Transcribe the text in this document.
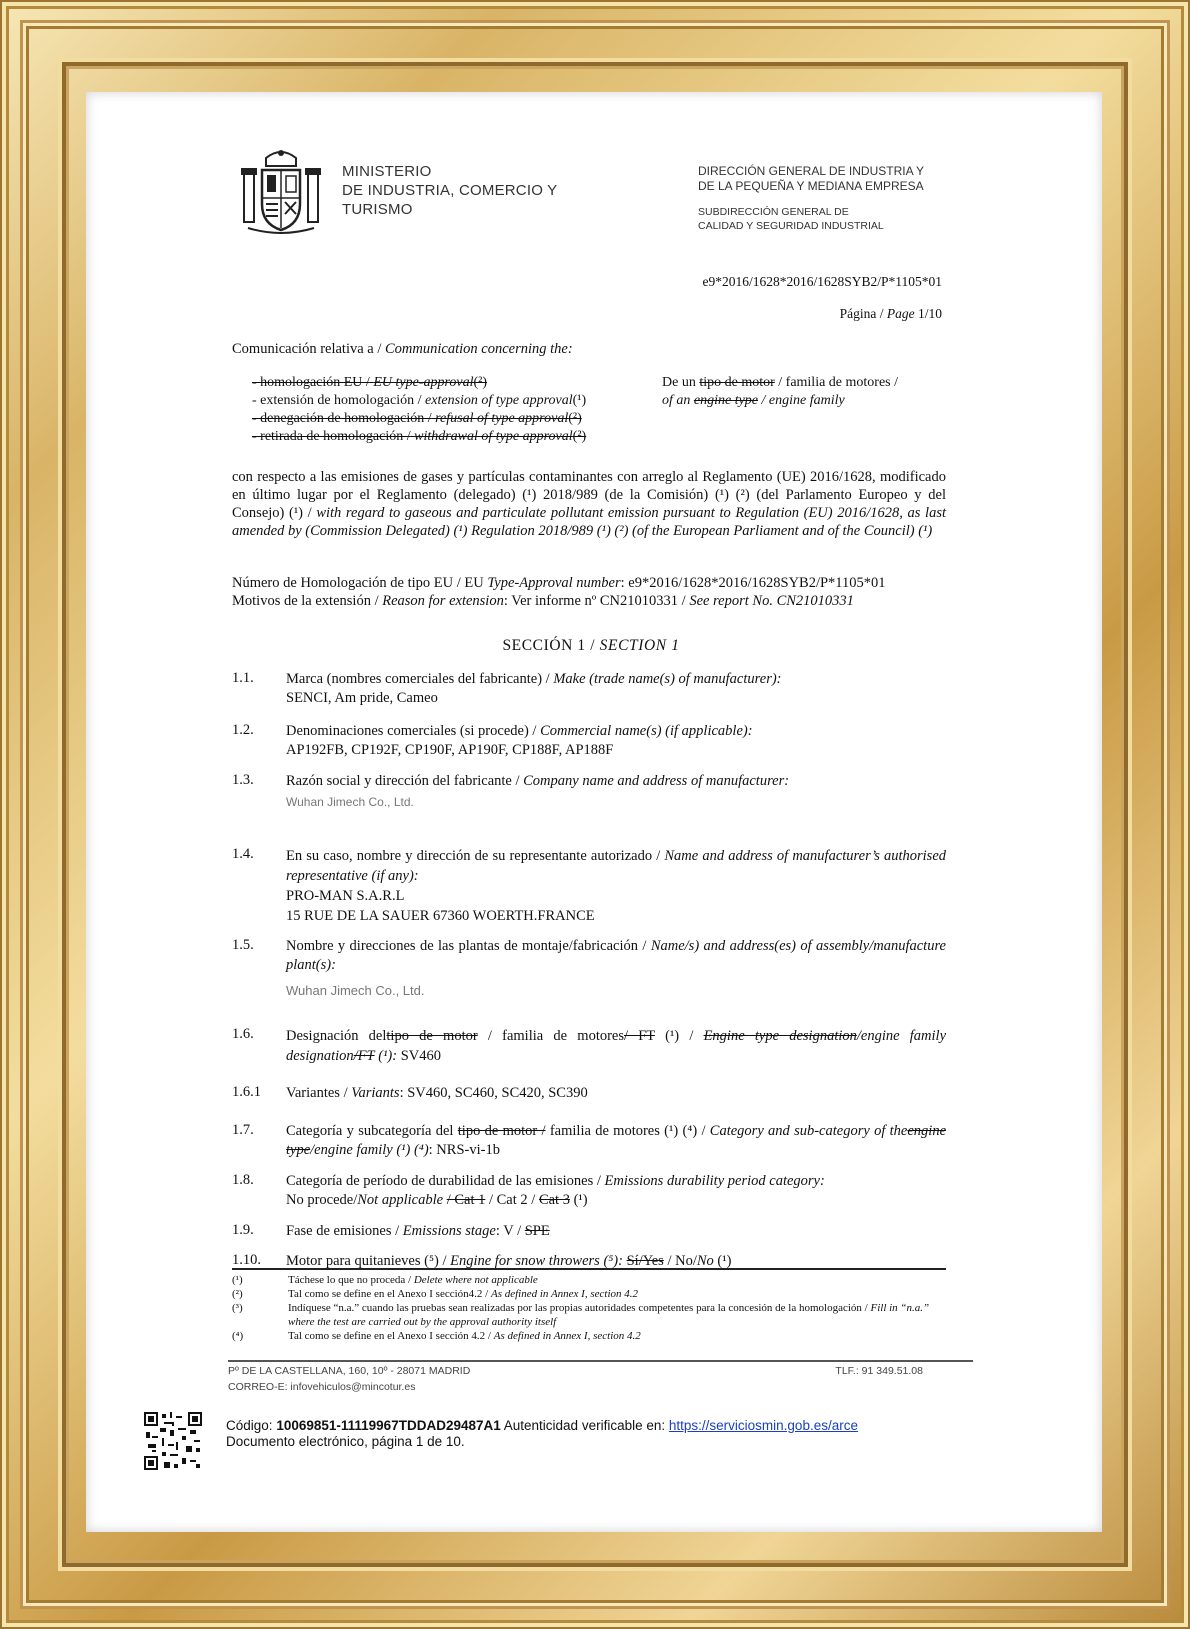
MINISTERIO
DE INDUSTRIA, COMERCIO Y
TURISMO
DIRECCIÓN GENERAL DE INDUSTRIA Y
DE LA PEQUEÑA Y MEDIANA EMPRESA
SUBDIRECCIÓN GENERAL DE
CALIDAD Y SEGURIDAD INDUSTRIAL
e9*2016/1628*2016/1628SYB2/P*1105*01
Página / Page 1/10
Comunicación relativa a / Communication concerning the:
- homologación EU / EU type-approval(²)
- extensión de homologación / extension of type approval(¹)
- denegación de homologación / refusal of type approval(²)
- retirada de homologación / withdrawal of type approval(²)
De un tipo de motor / familia de motores /
of an engine type / engine family
con respecto a las emisiones de gases y partículas contaminantes con arreglo al Reglamento (UE) 2016/1628, modificado en último lugar por el Reglamento (delegado) (¹) 2018/989 (de la Comisión) (¹) (²) (del Parlamento Europeo y del Consejo) (¹) / with regard to gaseous and particulate pollutant emission pursuant to Regulation (EU) 2016/1628, as last amended by (Commission Delegated) (¹) Regulation 2018/989 (¹) (²) (of the European Parliament and of the Council) (¹)
Número de Homologación de tipo EU / EU Type-Approval number: e9*2016/1628*2016/1628SYB2/P*1105*01
Motivos de la extensión / Reason for extension: Ver informe nº CN21010331 / See report No. CN21010331
SECCIÓN 1 / SECTION 1
1.1. Marca (nombres comerciales del fabricante) / Make (trade name(s) of manufacturer):
SENCI, Am pride, Cameo
1.2. Denominaciones comerciales (si procede) / Commercial name(s) (if applicable):
AP192FB, CP192F, CP190F, AP190F, CP188F, AP188F
1.3. Razón social y dirección del fabricante / Company name and address of manufacturer:
Wuhan Jimech Co., Ltd.
1.4. En su caso, nombre y dirección de su representante autorizado / Name and address of manufacturer’s authorised representative (if any):
PRO-MAN S.A.R.L
15 RUE DE LA SAUER 67360 WOERTH.FRANCE
1.5. Nombre y direcciones de las plantas de montaje/fabricación / Name/s) and address(es) of assembly/manufacture plant(s):
Wuhan Jimech Co., Ltd.
1.6. Designación deltipo de motor / familia de motores/ FT (¹) / Engine type designation/engine family designation/FT (¹): SV460
1.6.1 Variantes / Variants: SV460, SC460, SC420, SC390
1.7. Categoría y subcategoría del tipo de motor / familia de motores (¹) (⁴) / Category and sub-category of theengine type/engine family (¹) (⁴): NRS-vi-1b
1.8. Categoría de período de durabilidad de las emisiones / Emissions durability period category:
No procede/Not applicable / Cat 1 / Cat 2 / Cat 3 (¹)
1.9. Fase de emisiones / Emissions stage: V / SPE
1.10. Motor para quitanieves (⁵) / Engine for snow throwers (⁵): Sí/Yes / No/No (¹)
(¹)	Táchese lo que no proceda / Delete where not applicable
(²)	Tal como se define en el Anexo I sección4.2 / As defined in Annex I, section 4.2
(³)	Indíquese “n.a.” cuando las pruebas sean realizadas por las propias autoridades competentes para la concesión de la homologación / Fill in “n.a.” where the test are carried out by the approval authority itself
(⁴)	Tal como se define en el Anexo I sección 4.2 / As defined in Annex I, section 4.2
Pº DE LA CASTELLANA, 160, 10º - 28071 MADRID	TLF.: 91 349.51.08
CORREO-E: infovehiculos@mincotur.es
Código: 10069851-11119967TDDAD29487A1 Autenticidad verificable en: https://serviciosmin.gob.es/arce
Documento electrónico, página 1 de 10.
